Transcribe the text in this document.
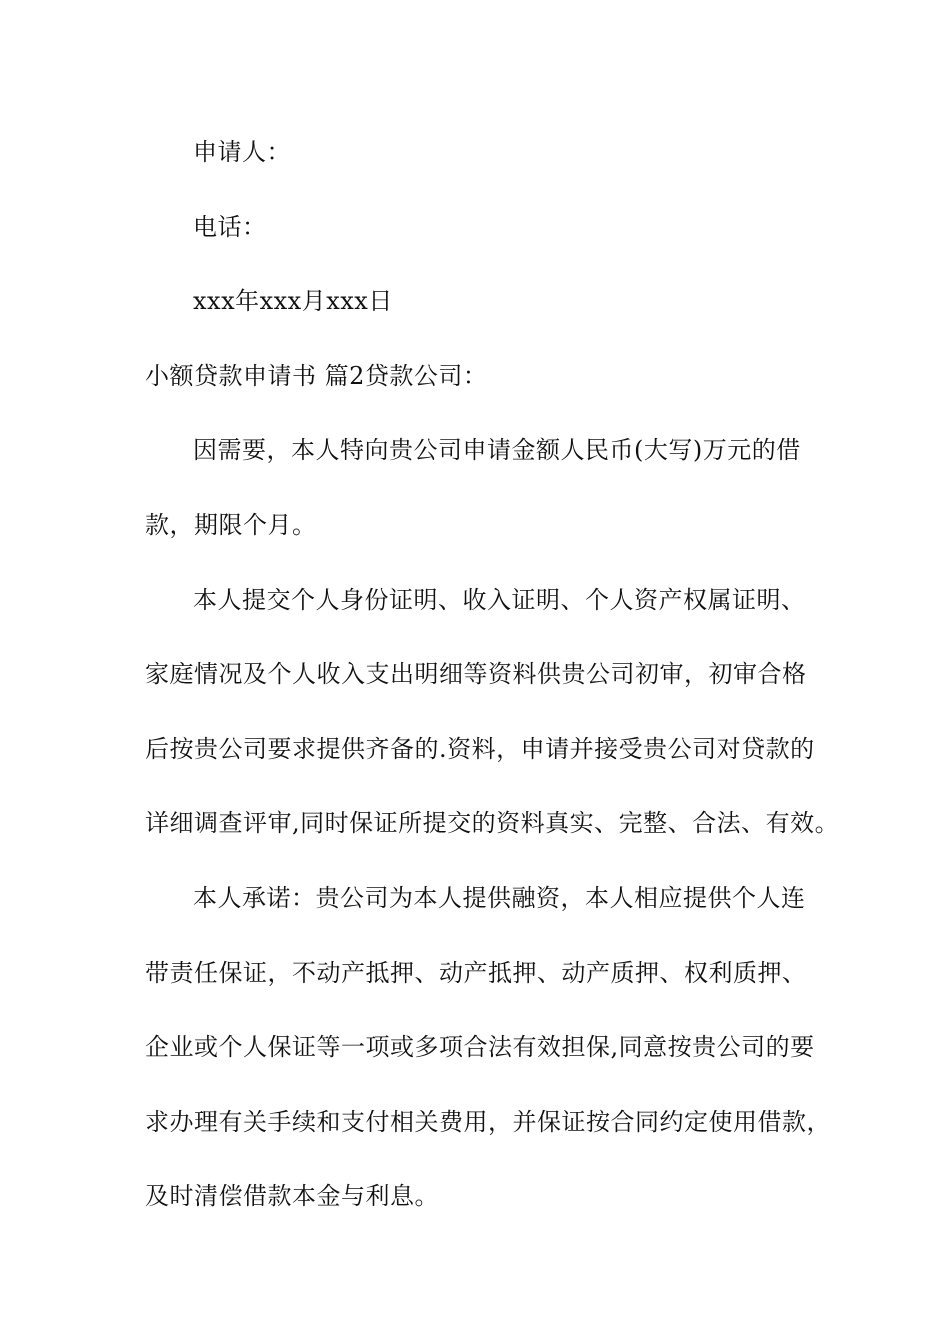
申请人：
电话：
xxx年xxx月xxx日
小额贷款申请书 篇2贷款公司：
因需要，本人特向贵公司申请金额人民币(大写)万元的借
款，期限个月。
本人提交个人身份证明、收入证明、个人资产权属证明、
家庭情况及个人收入支出明细等资料供贵公司初审，初审合格
后按贵公司要求提供齐备的.资料，申请并接受贵公司对贷款的
详细调查评审,同时保证所提交的资料真实、完整、合法、有效。
本人承诺：贵公司为本人提供融资，本人相应提供个人连
带责任保证，不动产抵押、动产抵押、动产质押、权利质押、
企业或个人保证等一项或多项合法有效担保,同意按贵公司的要
求办理有关手续和支付相关费用，并保证按合同约定使用借款，
及时清偿借款本金与利息。
